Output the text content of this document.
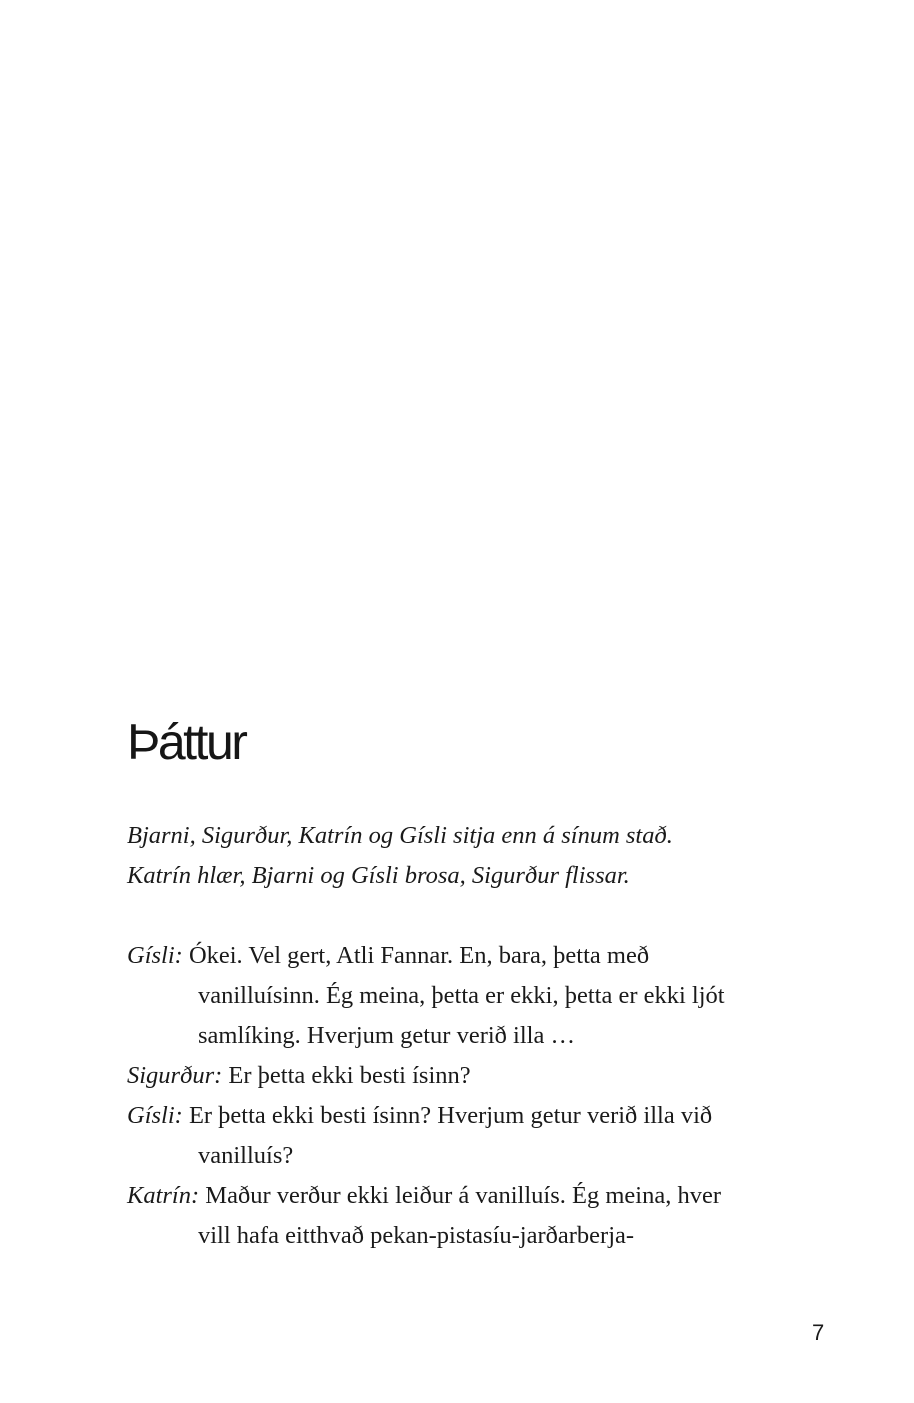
Þáttur

Bjarni, Sigurður, Katrín og Gísli sitja enn á sínum stað.

Katrín hlær, Bjarni og Gísli brosa, Sigurður flissar.

Gísli: Ókei. Vel gert, Atli Fannar. En, bara, þetta með
vanilluísinn. Ég meina, þetta er ekki, þetta er ekki ljót
samlíking. Hverjum getur verið illa …
Sigurður: Er þetta ekki besti ísinn?
Gísli: Er þetta ekki besti ísinn? Hverjum getur verið illa við
vanilluís?
Katrín: Maður verður ekki leiður á vanilluís. Ég meina, hver
vill hafa eitthvað pekan-pistasíu-jarðarberja-
7
